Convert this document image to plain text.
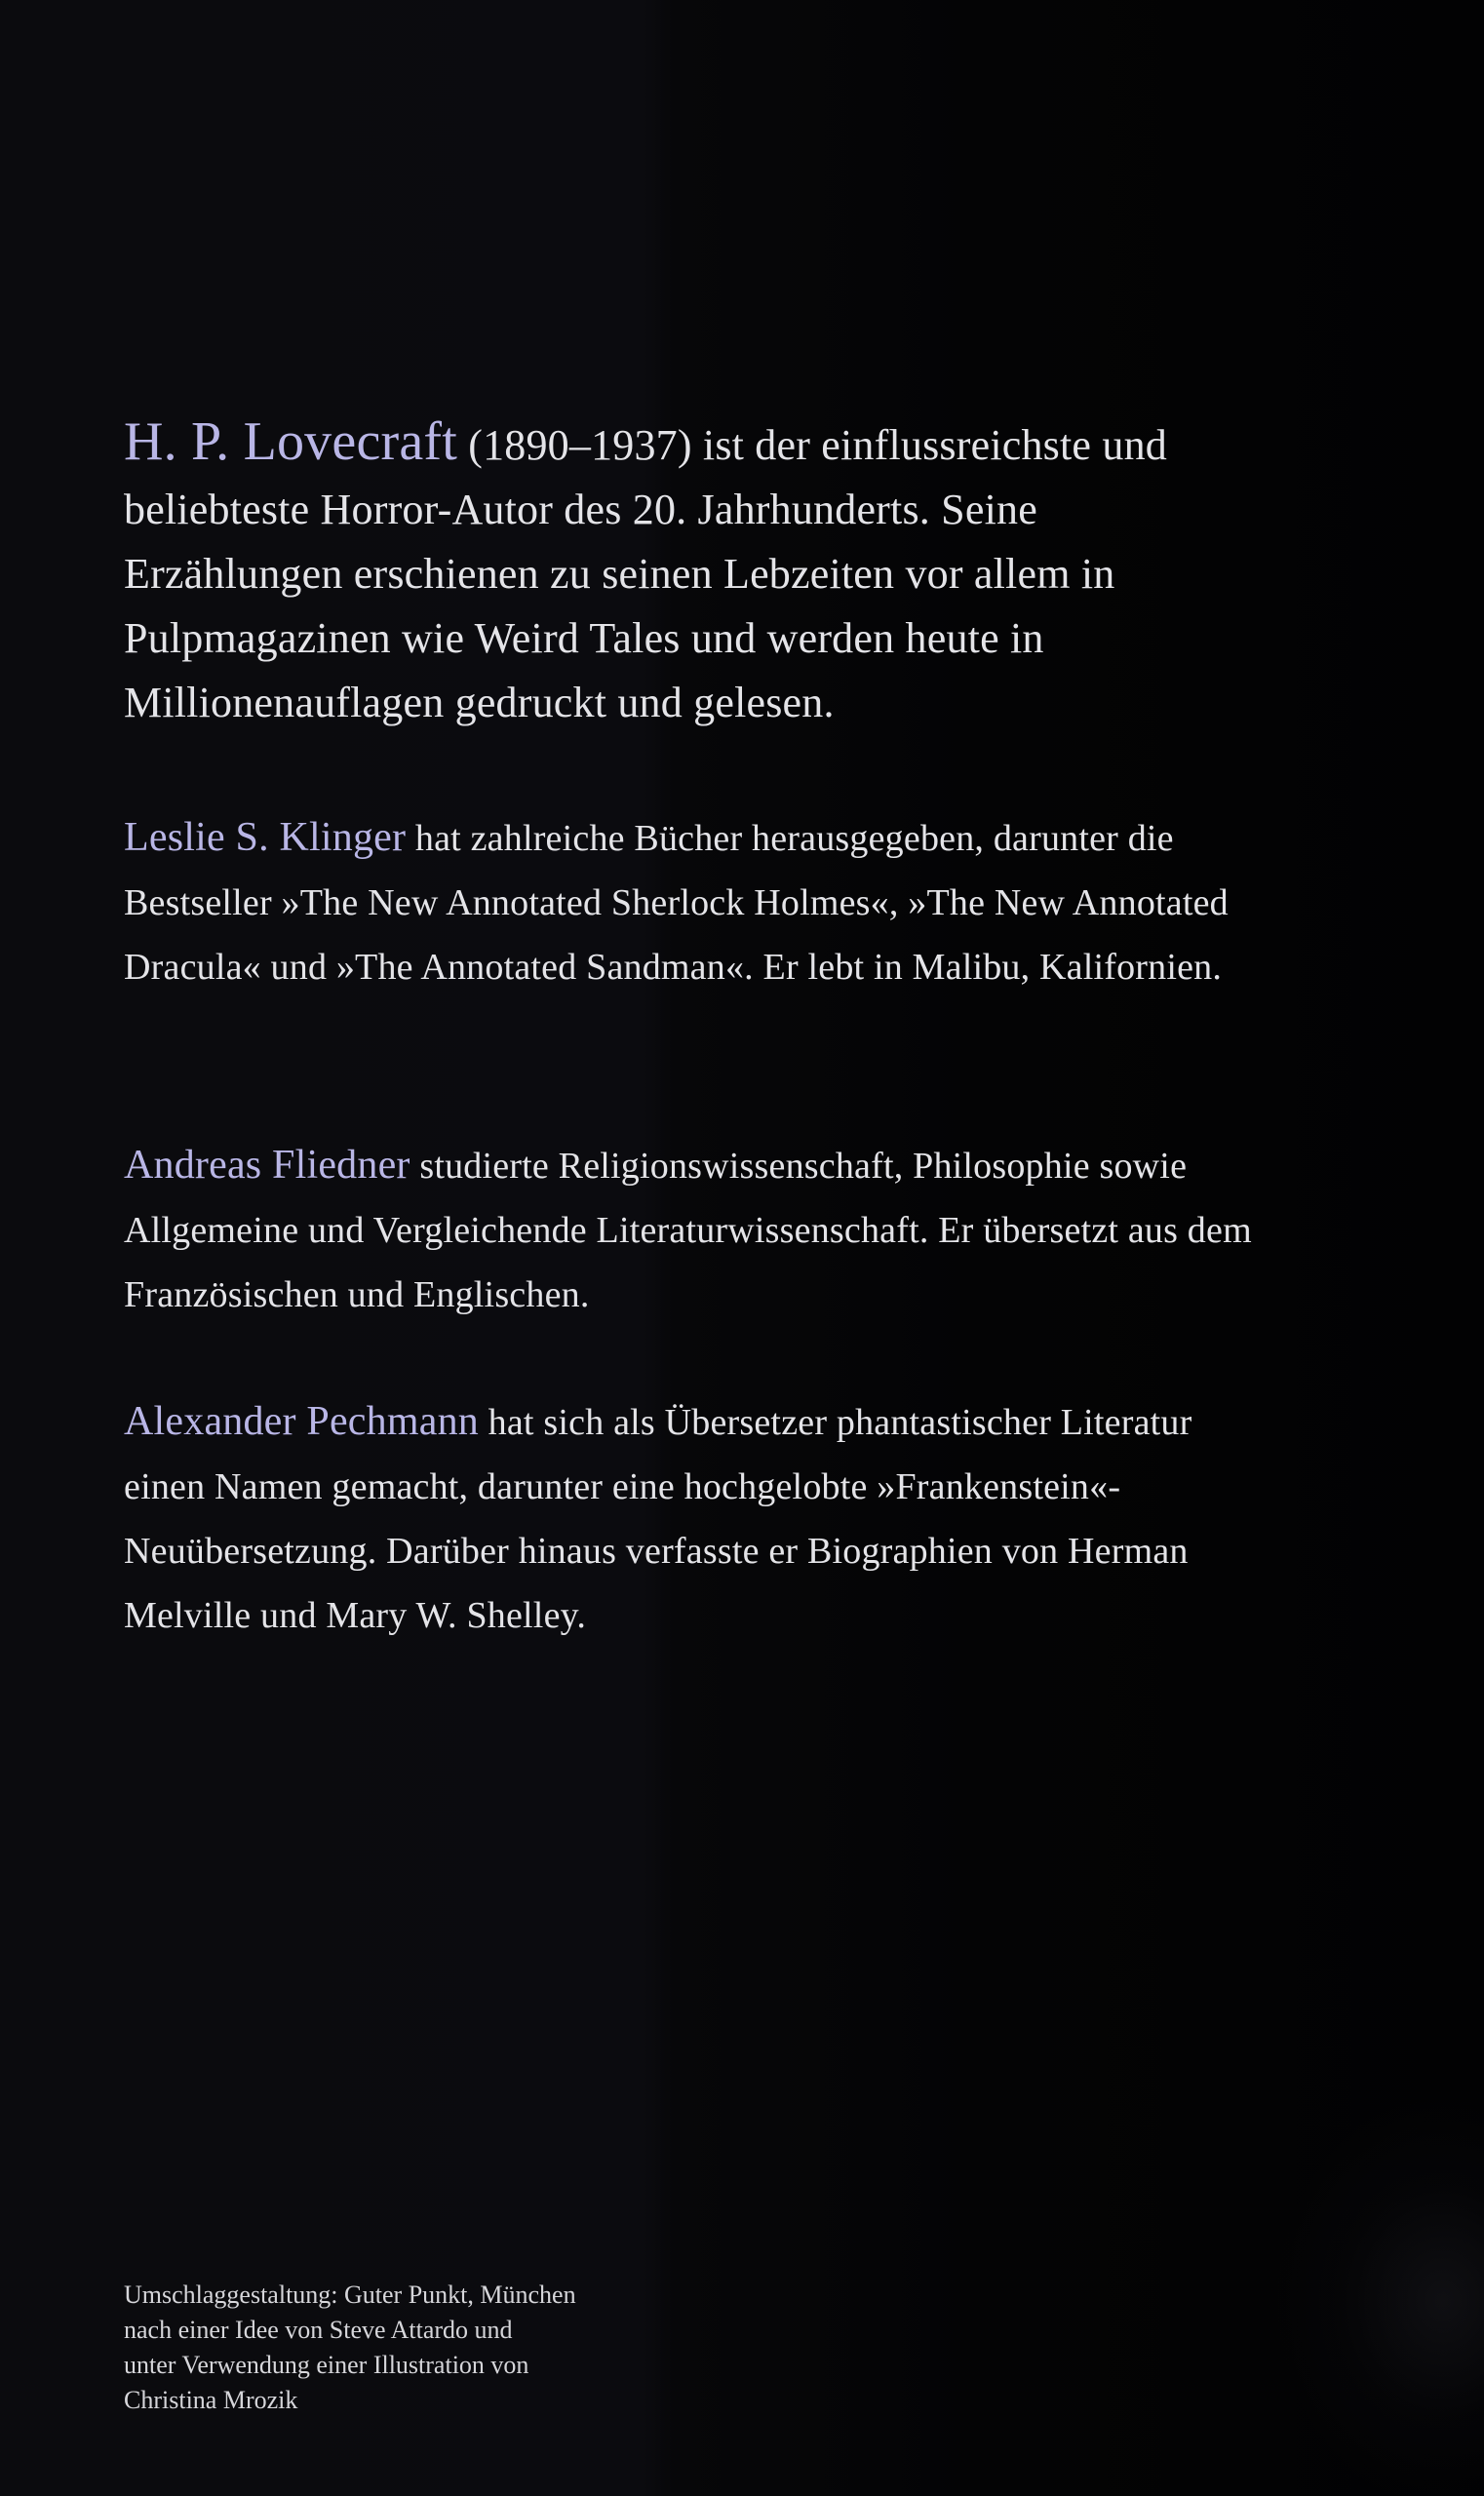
H. P. Lovecraft (1890–1937) ist der einflussreichste und beliebteste Horror-Autor des 20. Jahrhunderts. Seine Erzählungen erschienen zu seinen Lebzeiten vor allem in Pulpmagazinen wie Weird Tales und werden heute in Millionenauflagen gedruckt und gelesen.

Leslie S. Klinger hat zahlreiche Bücher herausgegeben, darunter die Bestseller »The New Annotated Sherlock Holmes«, »The New Annotated Dracula« und »The Annotated Sandman«. Er lebt in Malibu, Kalifornien.

Andreas Fliedner studierte Religionswissenschaft, Philosophie sowie Allgemeine und Vergleichende Literaturwissenschaft. Er übersetzt aus dem Französischen und Englischen.

Alexander Pechmann hat sich als Übersetzer phantastischer Literatur einen Namen gemacht, darunter eine hochgelobte »Frankenstein«-Neuübersetzung. Darüber hinaus verfasste er Biographien von Herman Melville und Mary W. Shelley.

Umschlaggestaltung: Guter Punkt, München
nach einer Idee von Steve Attardo und
unter Verwendung einer Illustration von
Christina Mrozik
